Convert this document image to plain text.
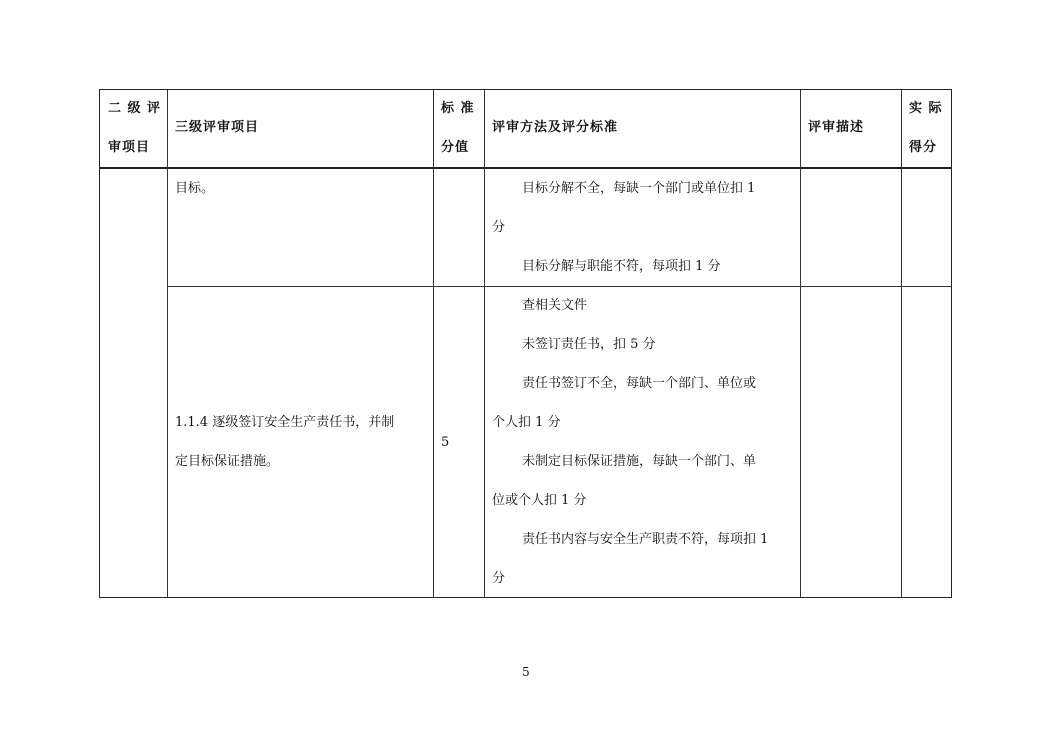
二 级 评
审项目
三级评审项目
标 准
分值
评审方法及评分标准	评审描述
实 际
得分
目标。	目标分解不全，每缺一个部门或单位扣 1
分
目标分解与职能不符，每项扣 1 分
1.1.4 逐级签订安全生产责任书，并制
定目标保证措施。
5
查相关文件
未签订责任书，扣 5 分
责任书签订不全，每缺一个部门、单位或
个人扣 1 分
未制定目标保证措施，每缺一个部门、单
位或个人扣 1 分
责任书内容与安全生产职责不符，每项扣 1
分
5
